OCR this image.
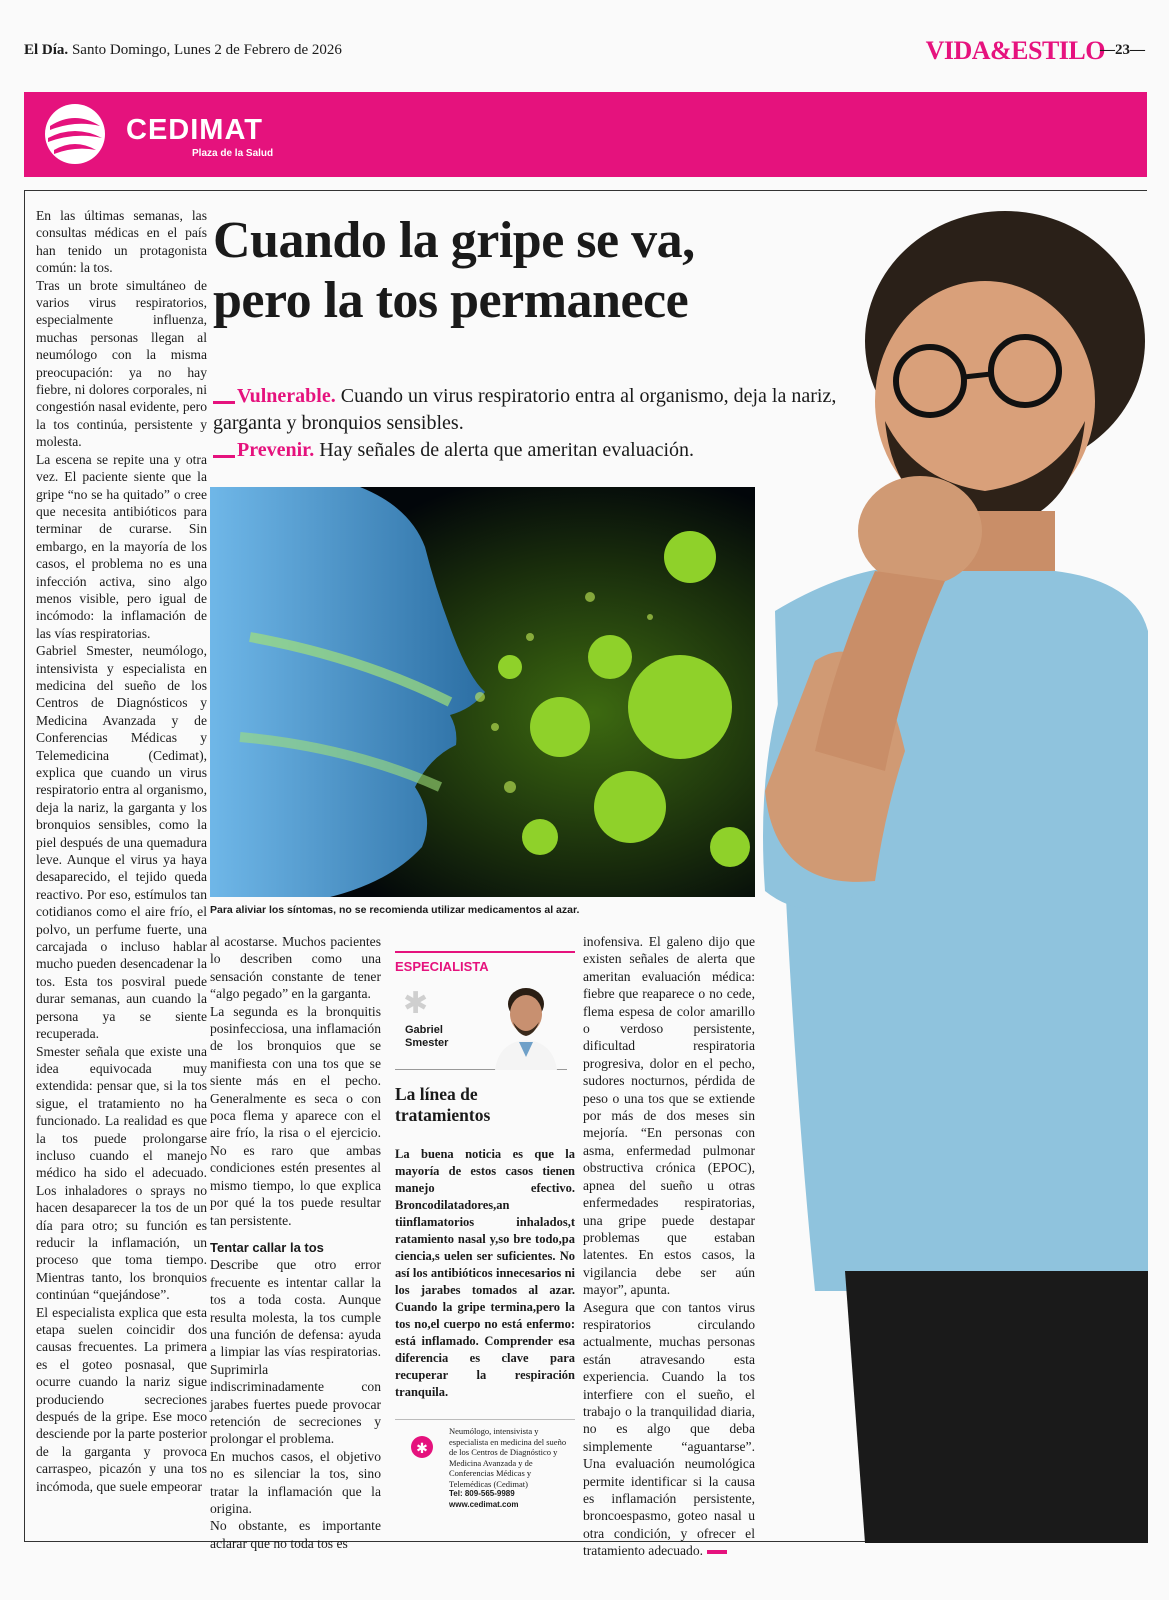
El Día. Santo Domingo, Lunes 2 de Febrero de 2026	VIDA&ESTILO
—23—
CEDIMAT
Plaza de la Salud

En las últimas semanas, las consultas médicas en el país han tenido un protagonista común: la tos.

Tras un brote simultáneo de varios virus respiratorios, especialmente influenza, muchas personas llegan al neumólogo con la misma preocupación: ya no hay fiebre, ni dolores corporales, ni congestión nasal evidente, pero la tos continúa, persistente y molesta.

La escena se repite una y otra vez. El paciente siente que la gripe “no se ha quitado” o cree que necesita antibióticos para terminar de curarse. Sin embargo, en la mayoría de los casos, el problema no es una infección activa, sino algo menos visible, pero igual de incómodo: la inflamación de las vías respiratorias.

Gabriel Smester, neumólogo, intensivista y especialista en medicina del sueño de los Centros de Diagnósticos y Medicina Avanzada y de Conferencias Médicas y Telemedicina (Cedimat), explica que cuando un virus respiratorio entra al organismo, deja la nariz, la garganta y los bronquios sensibles, como la piel después de una quemadura leve. Aunque el virus ya haya desaparecido, el tejido queda reactivo. Por eso, estímulos tan cotidianos como el aire frío, el polvo, un perfume fuerte, una carcajada o incluso hablar mucho pueden desencadenar la tos. Esta tos posviral puede durar semanas, aun cuando la persona ya se siente recuperada.

Smester señala que existe una idea equivocada muy extendida: pensar que, si la tos sigue, el tratamiento no ha funcionado. La realidad es que la tos puede prolongarse incluso cuando el manejo médico ha sido el adecuado. Los inhaladores o sprays no hacen desaparecer la tos de un día para otro; su función es reducir la inflamación, un proceso que toma tiempo. Mientras tanto, los bronquios continúan “quejándose”.

El especialista explica que esta etapa suelen coincidir dos causas frecuentes. La primera es el goteo posnasal, que ocurre cuando la nariz sigue produciendo secreciones después de la gripe. Ese moco desciende por la parte posterior de la garganta y provoca carraspeo, picazón y una tos incómoda, que suele empeorar

Cuando la gripe se va,
pero la tos permanece
Vulnerable. Cuando un virus respiratorio entra al organismo, deja la nariz, garganta y bronquios sensibles.
Prevenir. Hay señales de alerta que ameritan evaluación.
Para aliviar los síntomas, no se recomienda utilizar medicamentos al azar.

al acostarse. Muchos pacientes lo describen como una sensación constante de tener “algo pegado” en la garganta.

La segunda es la bronquitis posinfecciosa, una inflamación de los bronquios que se manifiesta con una tos que se siente más en el pecho. Generalmente es seca o con poca flema y aparece con el aire frío, la risa o el ejercicio. No es raro que ambas condiciones estén presentes al mismo tiempo, lo que explica por qué la tos puede resultar tan persistente.

Tentar callar la tos

Describe que otro error frecuente es intentar callar la tos a toda costa. Aunque resulta molesta, la tos cumple una función de defensa: ayuda a limpiar las vías respiratorias. Suprimirla indiscriminadamente con jarabes fuertes puede provocar retención de secreciones y prolongar el problema.

En muchos casos, el objetivo no es silenciar la tos, sino tratar la inflamación que la origina.

No obstante, es importante aclarar que no toda tos es

ESPECIALISTA
✱
Gabriel Smester
La línea de tratamientos
La buena noticia es que la mayoría de estos casos tienen manejo efectivo. Broncodilatadores,an tiinflamatorios inhalados,t ratamiento nasal y,so bre todo,pa ciencia,s uelen ser suficientes. No así los antibióticos innecesarios ni los jarabes tomados al azar. Cuando la gripe termina,pero la tos no,el cuerpo no está enfermo: está inflamado. Comprender esa diferencia es clave para recuperar la respiración tranquila.
✱
Neumólogo, intensivista y especialista en medicina del sueño de los Centros de Diagnóstico y Medicina Avanzada y de Conferencias Médicas y Telemédicas (Cedimat)
Tel: 809-565-9989
www.cedimat.com

inofensiva. El galeno dijo que existen señales de alerta que ameritan evaluación médica: fiebre que reaparece o no cede, flema espesa de color amarillo o verdoso persistente, dificultad respiratoria progresiva, dolor en el pecho, sudores nocturnos, pérdida de peso o una tos que se extiende por más de dos meses sin mejoría. “En personas con asma, enfermedad pulmonar obstructiva crónica (EPOC), apnea del sueño u otras enfermedades respiratorias, una gripe puede destapar problemas que estaban latentes. En estos casos, la vigilancia debe ser aún mayor”, apunta.

Asegura que con tantos virus respiratorios circulando actualmente, muchas personas están atravesando esta experiencia. Cuando la tos interfiere con el sueño, el trabajo o la tranquilidad diaria, no es algo que deba simplemente “aguantarse”. Una evaluación neumológica permite identificar si la causa es inflamación persistente, broncoespasmo, goteo nasal u otra condición, y ofrecer el tratamiento adecuado.
